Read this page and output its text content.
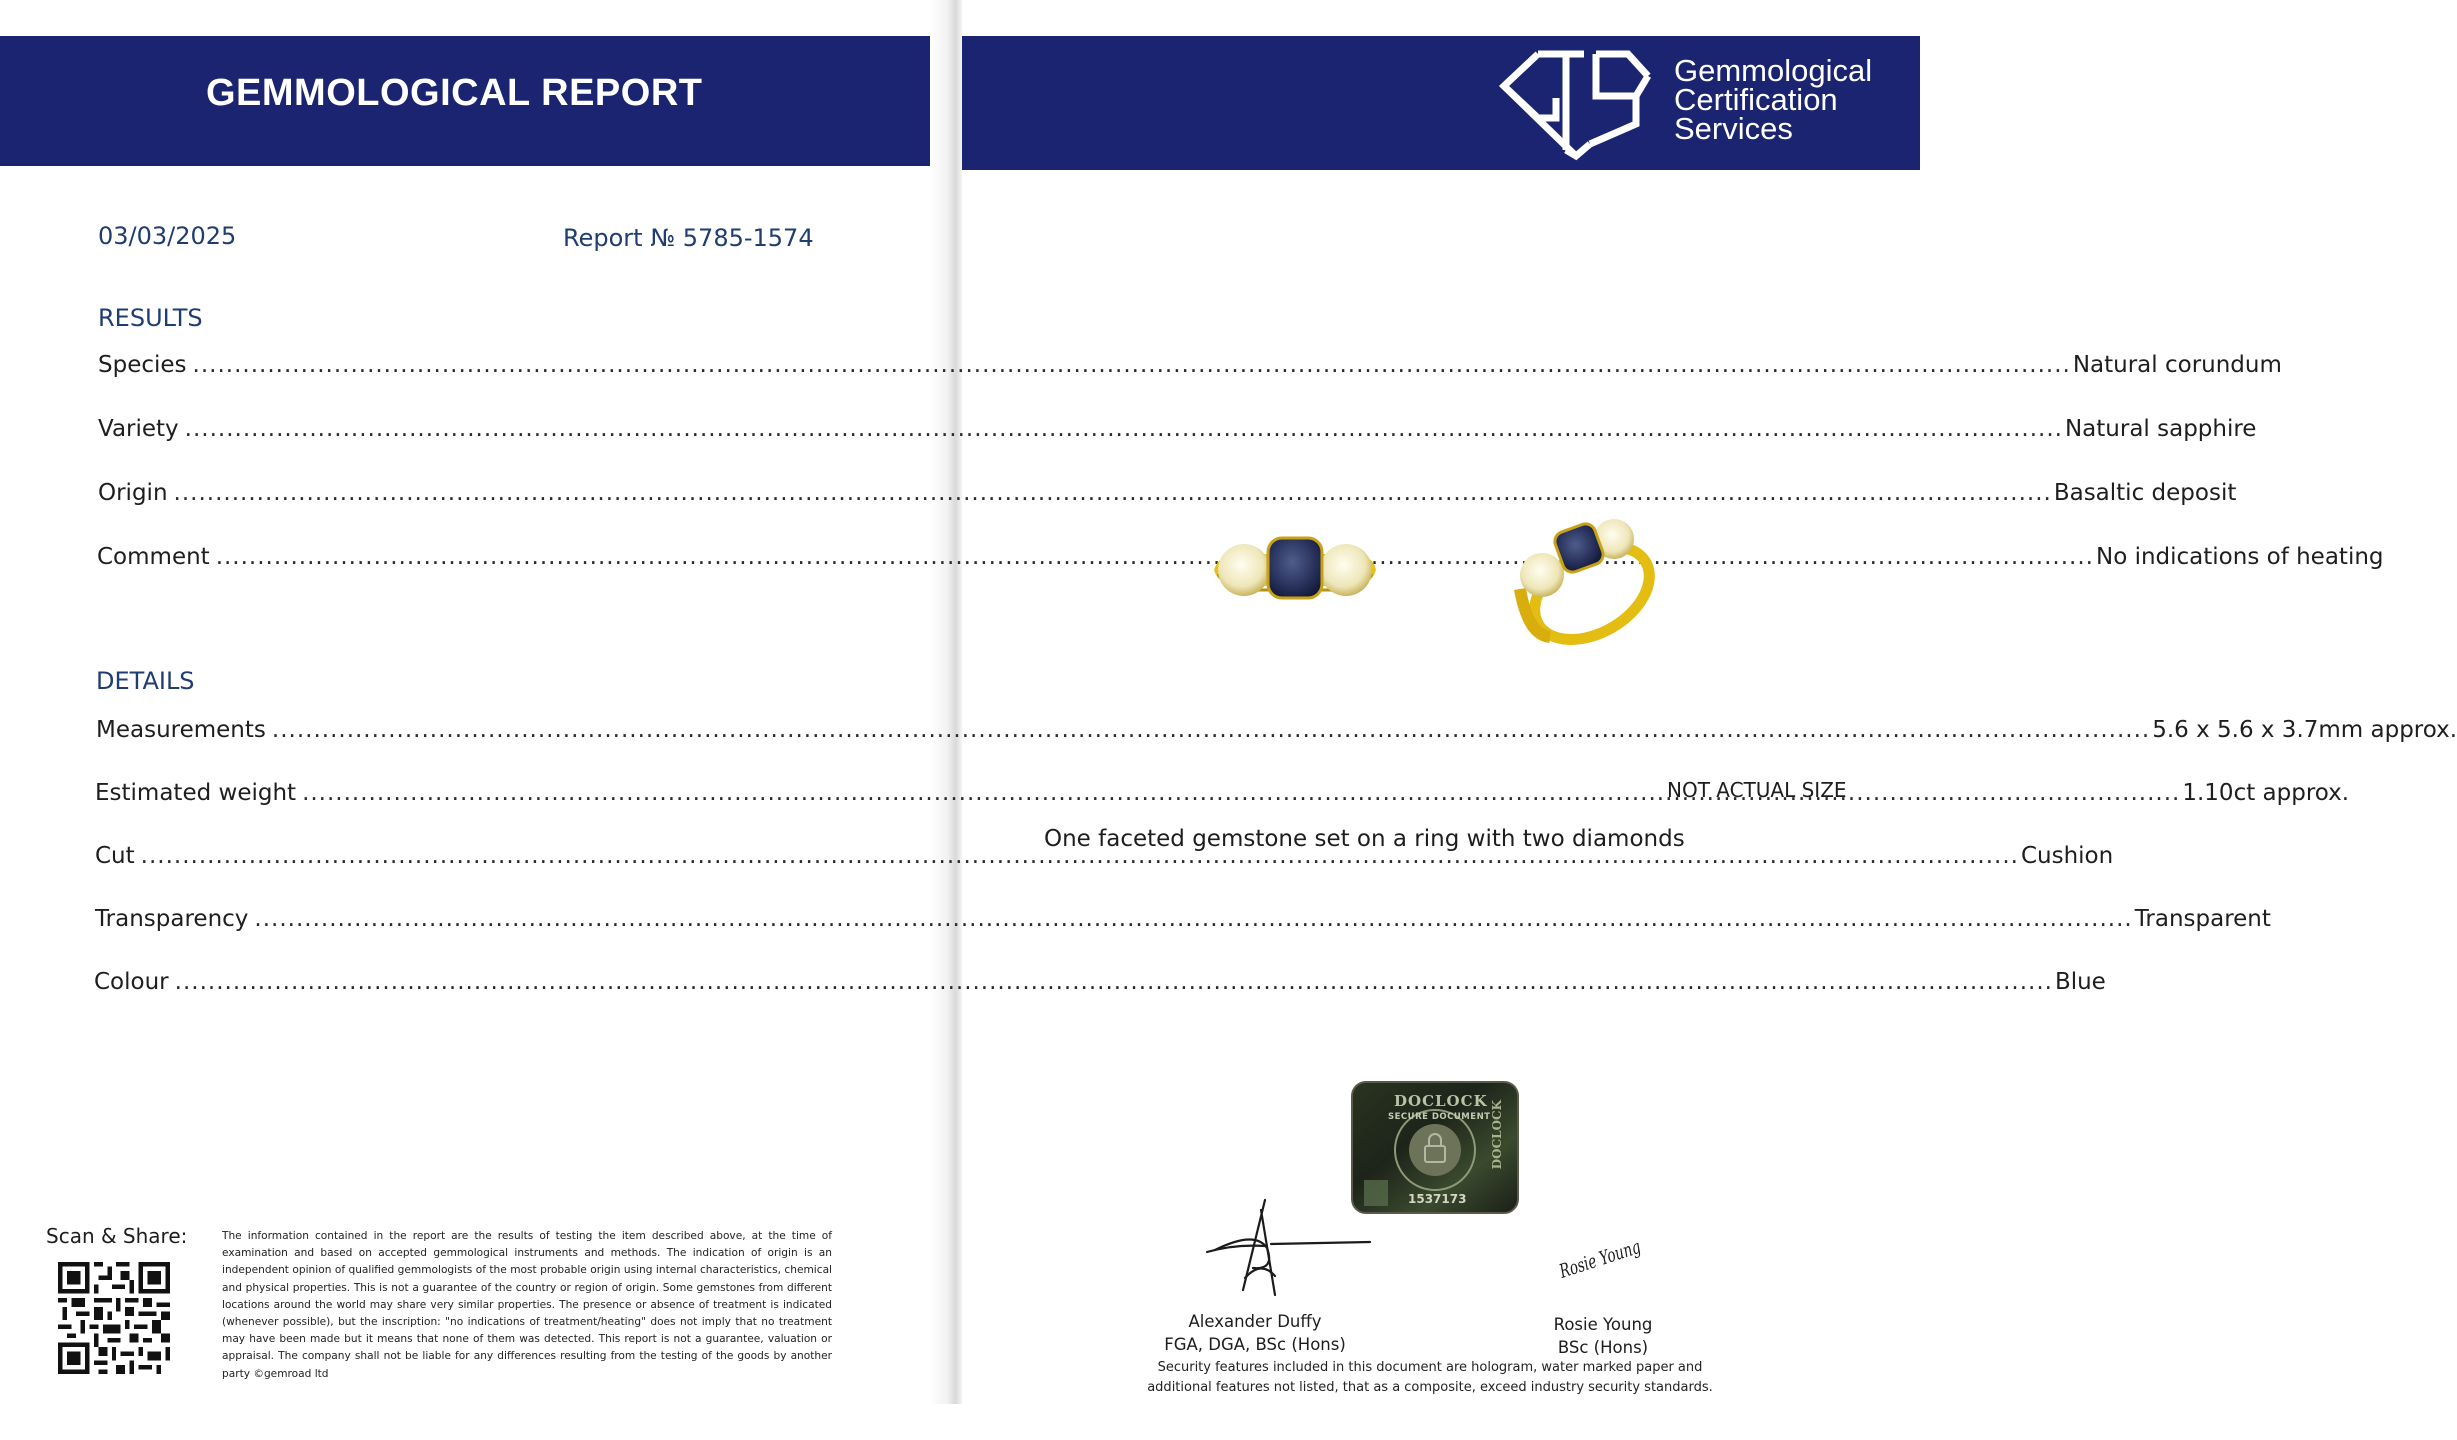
GEMMOLOGICAL REPORT
Gemmological
Certification
Services
03/03/2025	Report № 5785-1574
RESULTS
Species .....	Natural corundum
Variety .....	Natural sapphire
Origin .....	Basaltic deposit
Comment .....	No indications of heating
DETAILS
Measurements .....	5.6 x 5.6 x 3.7mm approx.
Estimated weight .....	1.10ct approx.
Cut .....	Cushion
Transparency .....	Transparent
Colour .....	Blue
Scan & Share:	The information contained in the report are the results of testing the item described above, at the time of examination and based on accepted gemmological instruments and methods. The indication of origin is an independent opinion of qualified gemmologists of the most probable origin using internal characteristics, chemical and physical properties. This is not a guarantee of the country or region of origin. Some gemstones from different locations around the world may share very similar properties. The presence or absence of treatment is indicated (whenever possible), but the inscription: "no indications of treatment/heating" does not imply that no treatment may have been made but it means that none of them was detected. This report is not a guarantee, valuation or appraisal. The company shall not be liable for any differences resulting from the testing of the goods by another party ©gemroad ltd
NOT ACTUAL SIZE
One faceted gemstone set on a ring with two diamonds
DOCLOCK
SECURE DOCUMENT
1537173
DOCLOCK
Alexander Duffy
FGA, DGA, BSc (Hons)
Rosie Young
Rosie Young
BSc (Hons)
Security features included in this document are hologram, water marked paper and additional features not listed, that as a composite, exceed industry security standards.
